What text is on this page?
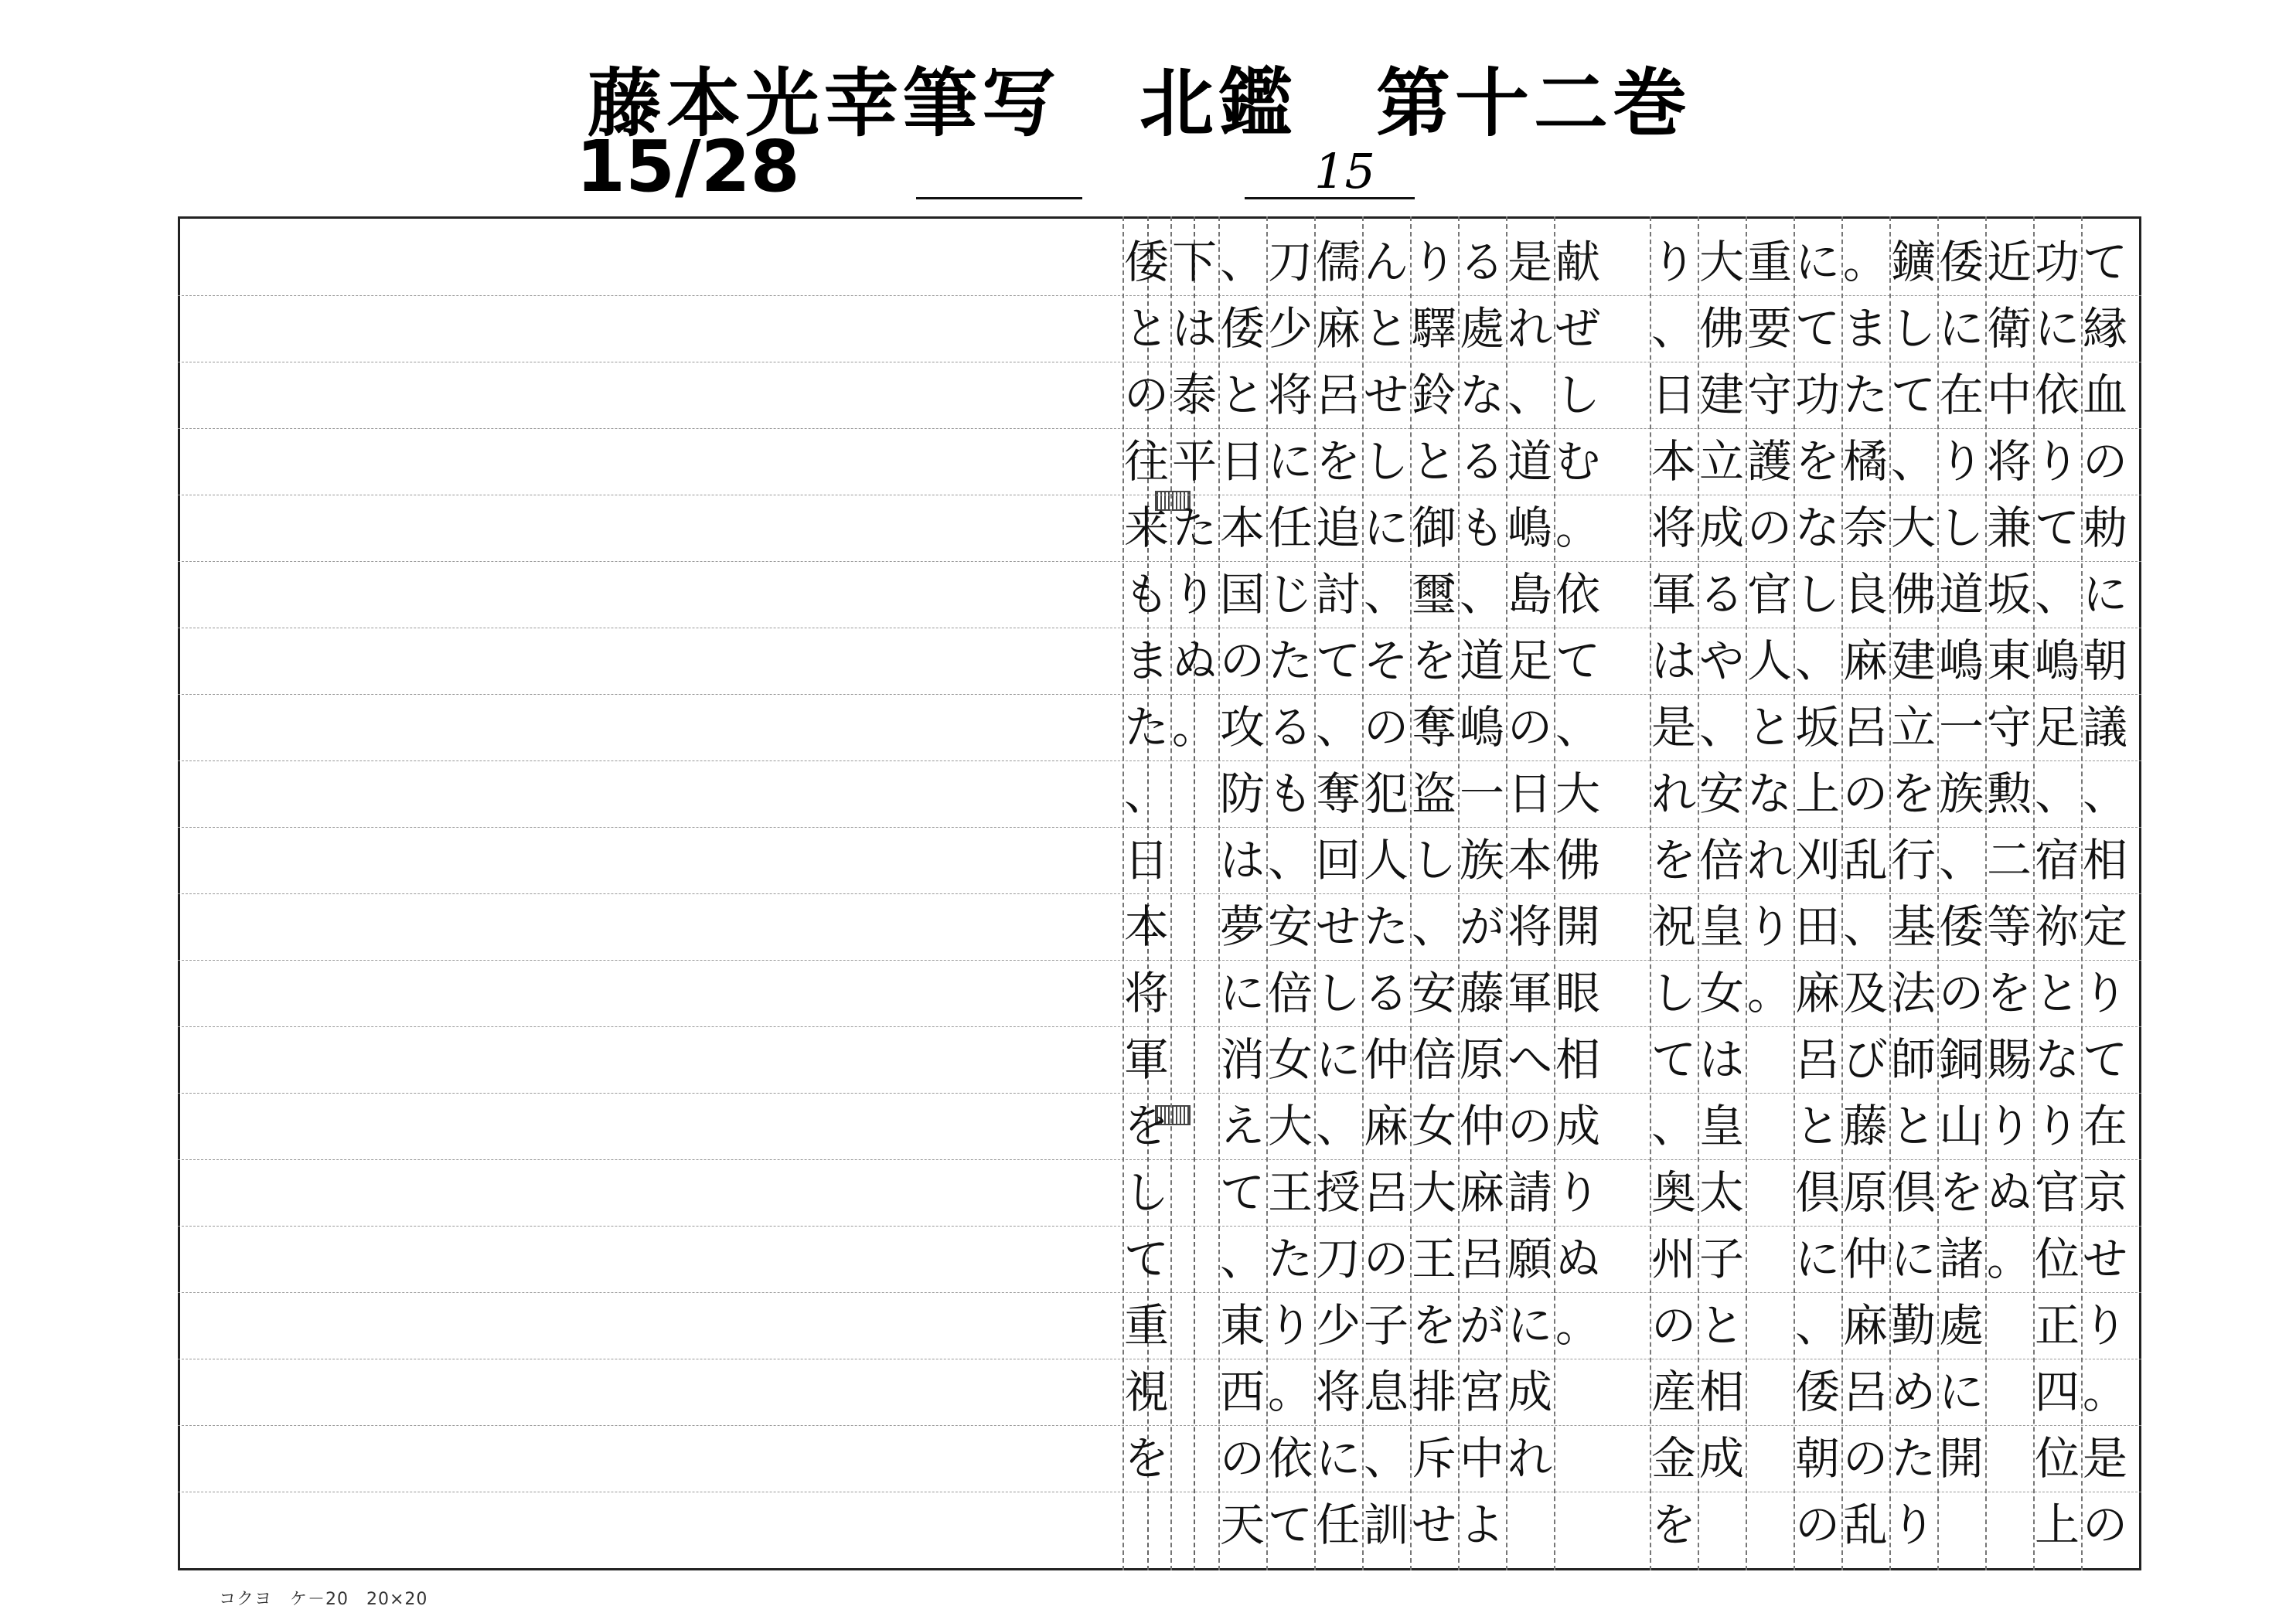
藤本光幸筆写　北鑑　第十二巻
15/28	15
て
縁
血
の
勅
に
朝
議
、
相
定
り
て
在
京
せ
り
。
是
の
功
に
依
り
て
、
嶋
足
、
宿
祢
と
な
り
官
位
正
四
位
上
近
衛
中
将
兼
坂
東
守
勲
二
等
を
賜
り
ぬ
。
倭
に
在
り
し
道
嶋
一
族
、
倭
の
銅
山
を
諸
處
に
開
鑛
し
て
、
大
佛
建
立
を
行
基
法
師
と
倶
に
勤
め
た
り
。
ま
た
橘
奈
良
麻
呂
の
乱
、
及
び
藤
原
仲
麻
呂
の
乱
に
て
功
を
な
し
、
坂
上
刈
田
麻
呂
と
倶
に
、
倭
朝
の
重
要
守
護
の
官
人
と
な
れ
り
。
大
佛
建
立
成
る
や
、
安
倍
皇
女
は
皇
太
子
と
相
成
り
、
日
本
将
軍
は
是
れ
を
祝
し
て
、
奥
州
の
産
金
を
献
ぜ
し
む
。
依
て
、
大
佛
開
眼
相
成
り
ぬ
。
是
れ
、
道
嶋
島
足
の
日
本
将
軍
へ
の
請
願
に
成
れ
る
處
な
る
も
、
道
嶋
一
族
が
藤
原
仲
麻
呂
が
宮
中
よ
り
驛
鈴
と
御
璽
を
奪
盗
し
、
安
倍
女
大
王
を
排
斥
せ
ん
と
せ
し
に
、
そ
の
犯
人
た
る
仲
麻
呂
の
子
息
、
訓
儒
麻
呂
を
追
討
て
、
奪
回
せ
し
に
、
授
刀
少
将
に
任
刀
少
将
に
任
じ
た
る
も
、
安
倍
女
大
王
た
り
。
依
て
、
倭
と
日
本
国
の
攻
防
は
夢
に
消
え
て
、
東
西
の
天
下
は
泰
平
た
り
ぬ
。
倭
と
の
往
来
も
ま
た
、
日
本
将
軍
を
し
て
重
視
を
コクヨ　ケ－20　20×20
